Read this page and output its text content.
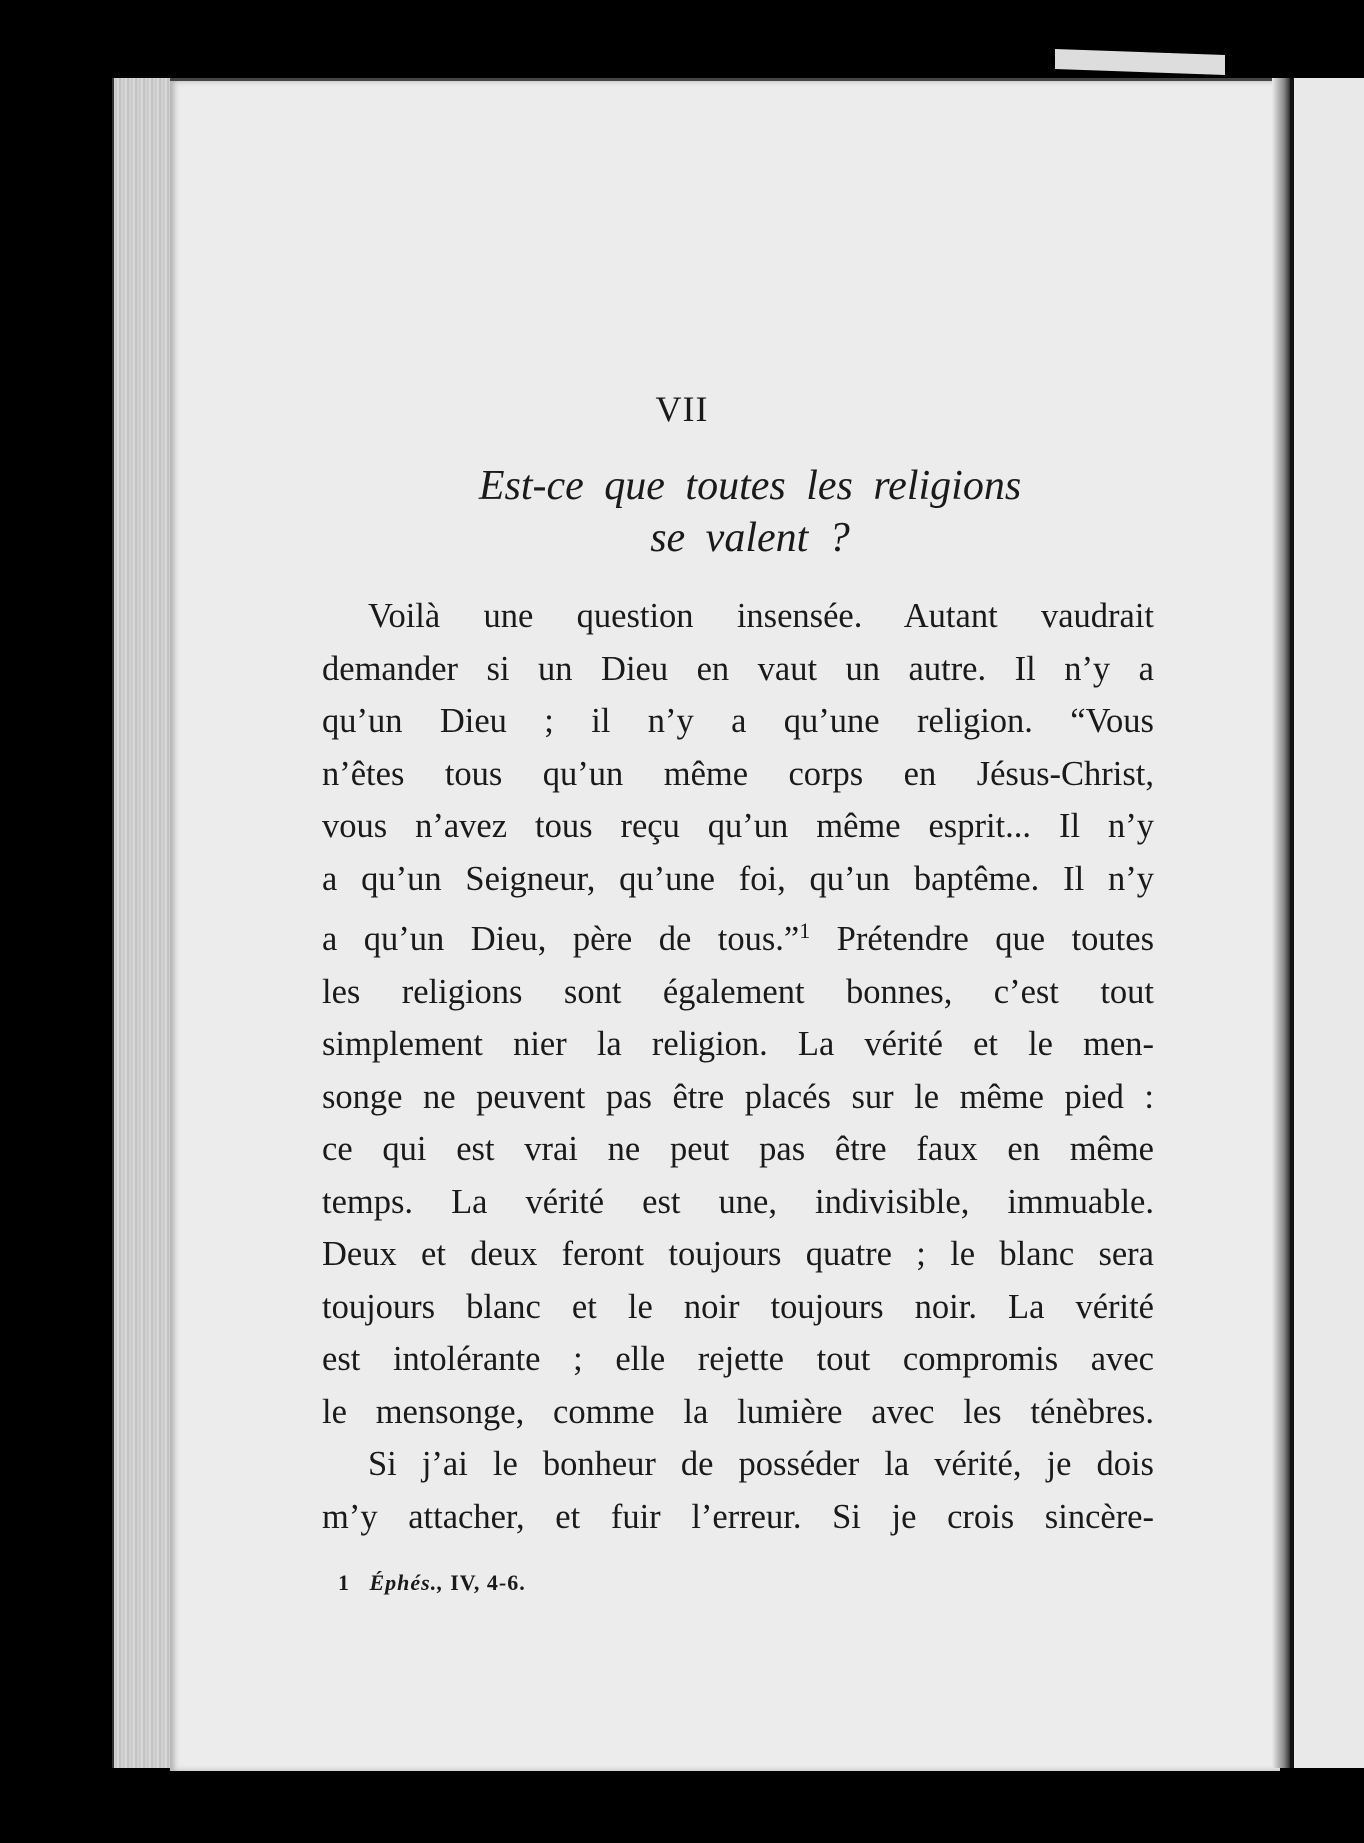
VII
Est-ce que toutes les religions
se valent ?
Voilà une question insensée. Autant vaudrait
demander si un Dieu en vaut un autre. Il n’y a
qu’un Dieu ; il n’y a qu’une religion. “Vous
n’êtes tous qu’un même corps en Jésus-Christ,
vous n’avez tous reçu qu’un même esprit... Il n’y
a qu’un Seigneur, qu’une foi, qu’un baptême. Il n’y
a qu’un Dieu, père de tous.”$^1$ Prétendre que toutes
les religions sont également bonnes, c’est tout
simplement nier la religion. La vérité et le men-
songe ne peuvent pas être placés sur le même pied :
ce qui est vrai ne peut pas être faux en même
temps. La vérité est une, indivisible, immuable.
Deux et deux feront toujours quatre ; le blanc sera
toujours blanc et le noir toujours noir. La vérité
est intolérante ; elle rejette tout compromis avec
le mensonge, comme la lumière avec les ténèbres.
Si j’ai le bonheur de posséder la vérité, je dois
m’y attacher, et fuir l’erreur. Si je crois sincère-
1 Éphés., IV, 4-6.
